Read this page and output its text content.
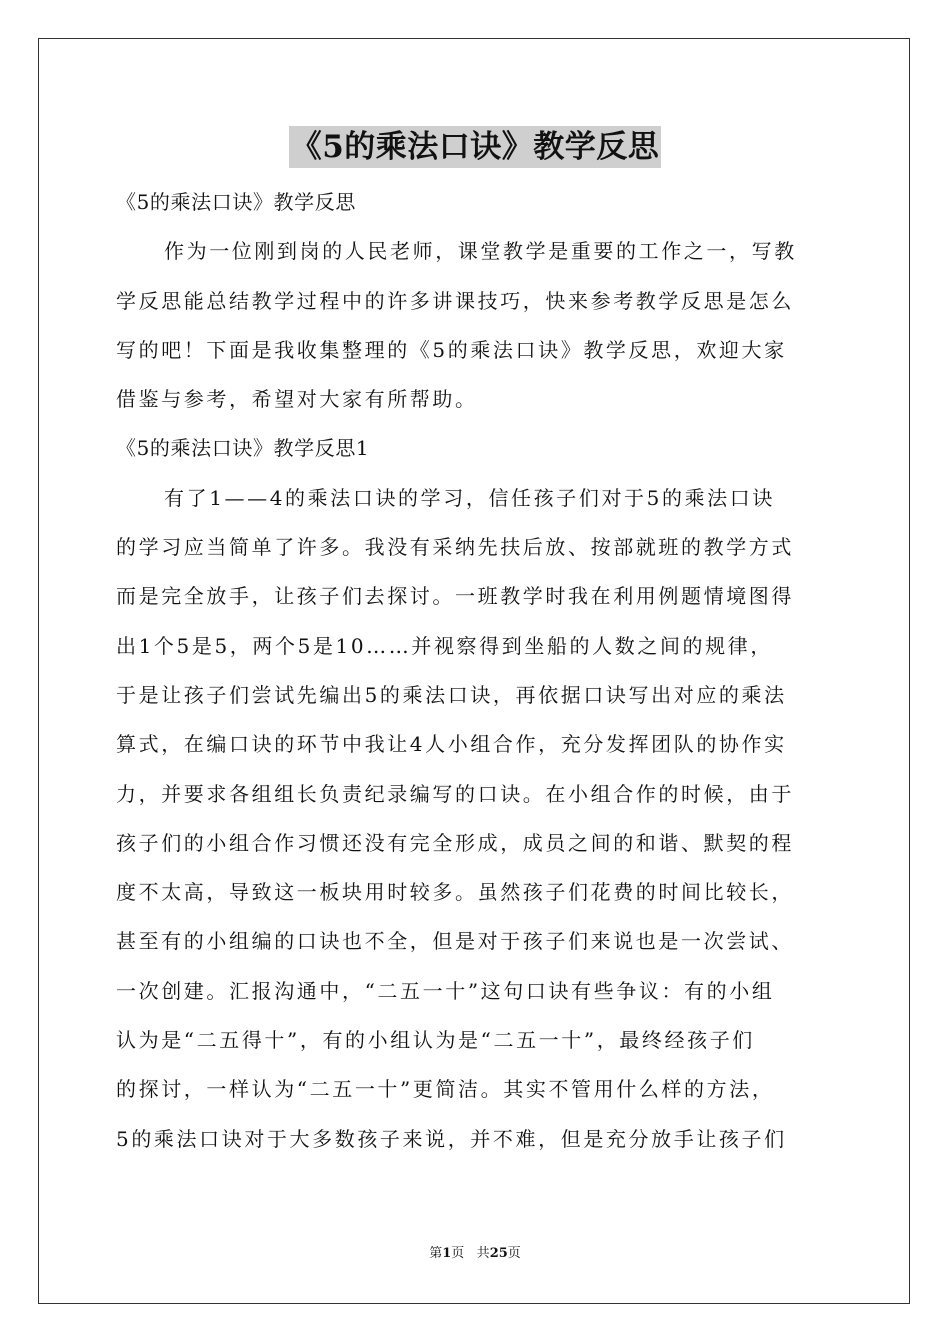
《5的乘法口诀》教学反思
《5的乘法口诀》教学反思
作为一位刚到岗的人民老师，课堂教学是重要的工作之一，写教
学反思能总结教学过程中的许多讲课技巧，快来参考教学反思是怎么
写的吧！下面是我收集整理的《5的乘法口诀》教学反思，欢迎大家
借鉴与参考，希望对大家有所帮助。
《5的乘法口诀》教学反思1
有了1——4的乘法口诀的学习，信任孩子们对于5的乘法口诀
的学习应当简单了许多。我没有采纳先扶后放、按部就班的教学方式
而是完全放手，让孩子们去探讨。一班教学时我在利用例题情境图得
出1个5是5，两个5是10……并视察得到坐船的人数之间的规律，
于是让孩子们尝试先编出5的乘法口诀，再依据口诀写出对应的乘法
算式，在编口诀的环节中我让4人小组合作，充分发挥团队的协作实
力，并要求各组组长负责纪录编写的口诀。在小组合作的时候，由于
孩子们的小组合作习惯还没有完全形成，成员之间的和谐、默契的程
度不太高，导致这一板块用时较多。虽然孩子们花费的时间比较长，
甚至有的小组编的口诀也不全，但是对于孩子们来说也是一次尝试、
一次创建。汇报沟通中，“二五一十”这句口诀有些争议：有的小组
认为是“二五得十”，有的小组认为是“二五一十”，最终经孩子们
的探讨，一样认为“二五一十”更简洁。其实不管用什么样的方法，
5的乘法口诀对于大多数孩子来说，并不难，但是充分放手让孩子们
第1页 共25页
